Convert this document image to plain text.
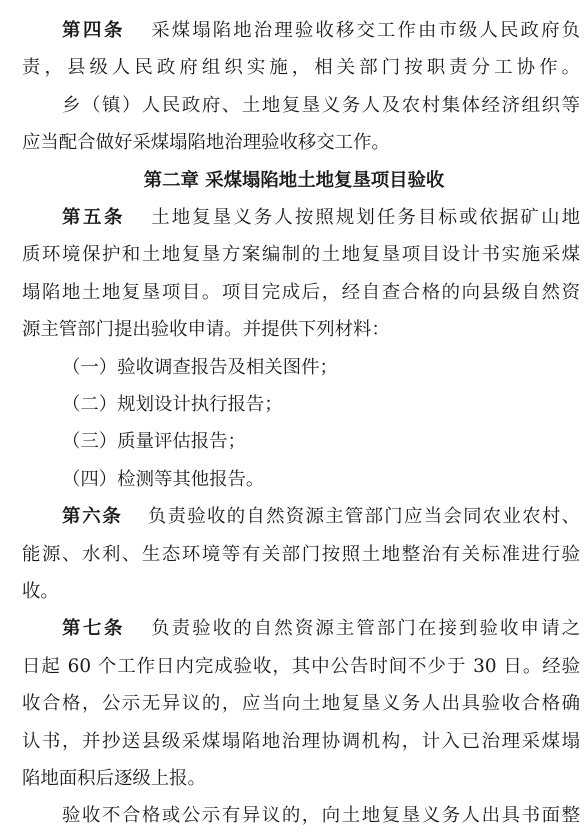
第四条 采煤塌陷地治理验收移交工作由市级人民政府负
责，县级人民政府组织实施，相关部门按职责分工协作。
乡（镇）人民政府、土地复垦义务人及农村集体经济组织等
应当配合做好采煤塌陷地治理验收移交工作。
第二章 采煤塌陷地土地复垦项目验收
第五条 土地复垦义务人按照规划任务目标或依据矿山地
质环境保护和土地复垦方案编制的土地复垦项目设计书实施采煤
塌陷地土地复垦项目。项目完成后，经自查合格的向县级自然资
源主管部门提出验收申请。并提供下列材料：
（一）验收调查报告及相关图件；
（二）规划设计执行报告；
（三）质量评估报告；
（四）检测等其他报告。
第六条 负责验收的自然资源主管部门应当会同农业农村、
能源、水利、生态环境等有关部门按照土地整治有关标准进行验
收。
第七条 负责验收的自然资源主管部门在接到验收申请之
日起 60 个工作日内完成验收，其中公告时间不少于 30 日。经验
收合格，公示无异议的，应当向土地复垦义务人出具验收合格确
认书，并抄送县级采煤塌陷地治理协调机构，计入已治理采煤塌
陷地面积后逐级上报。
验收不合格或公示有异议的，向土地复垦义务人出具书面整
